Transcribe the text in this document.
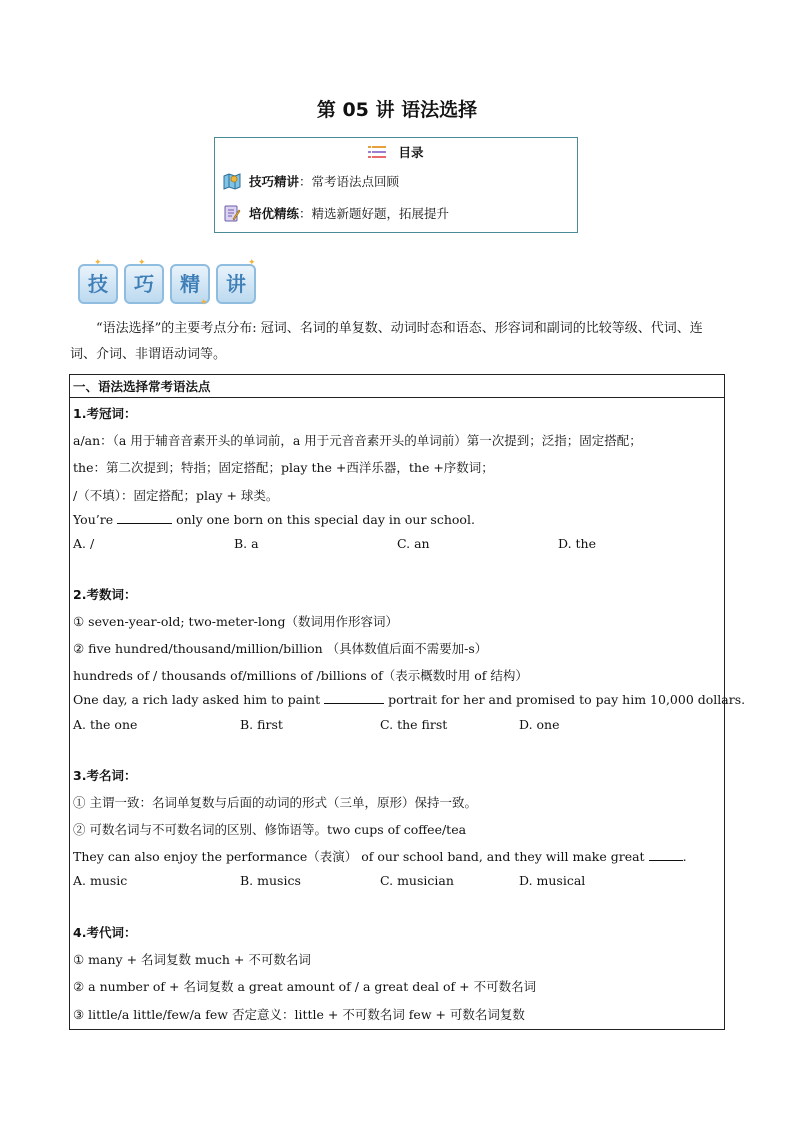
第 05 讲 语法选择
目录
技巧精讲：常考语法点回顾
培优精练：精选新题好题，拓展提升
技	巧	精	讲
✦	✦
✦
✦
“语法选择”的主要考点分布: 冠词、名词的单复数、动词时态和语态、形容词和副词的比较等级、代词、连词、介词、非谓语动词等。
一、语法选择常考语法点
1.考冠词：
a/an：（a 用于辅音音素开头的单词前，a 用于元音音素开头的单词前）第一次提到；泛指；固定搭配；
the：第二次提到；特指；固定搭配；play the +西洋乐器，the +序数词；
/（不填）：固定搭配；play + 球类。
You’re	only one born on this special day in our school.
A. /	B. a	C. an	D. the
2.考数词：
① seven-year-old; two-meter-long（数词用作形容词）
② five hundred/thousand/million/billion （具体数值后面不需要加-s）
hundreds of / thousands of/millions of /billions of（表示概数时用 of 结构）
One day, a rich lady asked him to paint	portrait for her and promised to pay him 10,000 dollars.
A. the one	B. first	C. the first	D. one
3.考名词：
① 主谓一致：名词单复数与后面的动词的形式（三单，原形）保持一致。
② 可数名词与不可数名词的区别、修饰语等。two cups of coffee/tea
They can also enjoy the performance（表演） of our school band, and they will make great	.
A. music	B. musics	C. musician	D. musical
4.考代词：
① many + 名词复数 much + 不可数名词
② a number of + 名词复数 a great amount of / a great deal of + 不可数名词
③ little/a little/few/a few 否定意义：little + 不可数名词 few + 可数名词复数
